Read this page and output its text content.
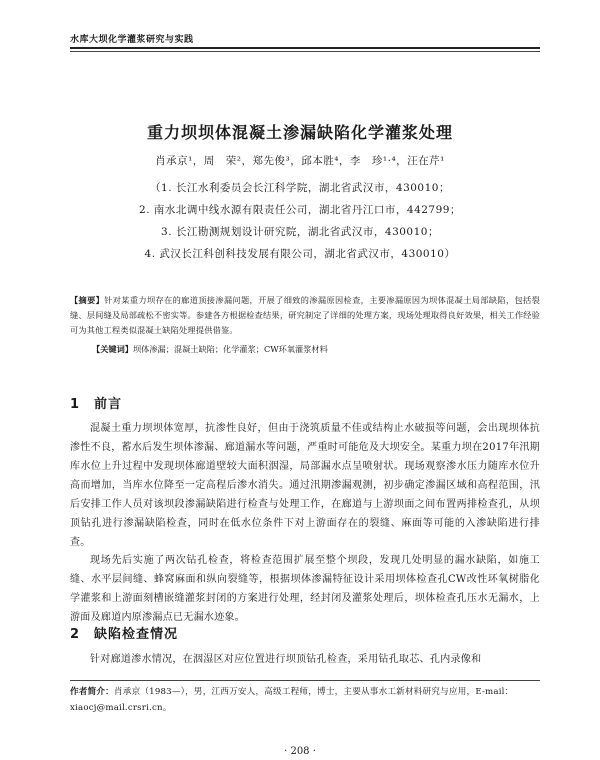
水库大坝化学灌浆研究与实践
重力坝坝体混凝土渗漏缺陷化学灌浆处理
肖承京¹，周　荣²，郑先俊³，邱本胜⁴，李　珍¹·⁴，汪在芹¹
（1. 长江水利委员会长江科学院，湖北省武汉市，430010；
2. 南水北调中线水源有限责任公司，湖北省丹江口市，442799；
3. 长江勘测规划设计研究院，湖北省武汉市，430010；
4. 武汉长江科创科技发展有限公司，湖北省武汉市，430010）
【摘要】针对某重力坝存在的廊道顶接渗漏问题，开展了细致的渗漏原因检查，主要渗漏原因为坝体混凝土局部缺陷，包括裂缝、层间缝及局部疏松不密实等。参建各方根据检查结果，研究制定了详细的处理方案，现场处理取得良好效果，相关工作经验可为其他工程类似混凝土缺陷处理提供借鉴。
【关键词】坝体渗漏；混凝土缺陷；化学灌浆；CW环氧灌浆材料
1 前言
混凝土重力坝坝体宽厚，抗渗性良好，但由于浇筑质量不佳或结构止水破损等问题，会出现坝体抗渗性不良，蓄水后发生坝体渗漏、廊道漏水等问题，严重时可能危及大坝安全。某重力坝在2017年汛期库水位上升过程中发现坝体廊道壁较大面积洇湿，局部漏水点呈喷射状。现场观察渗水压力随库水位升高而增加，当库水位降至一定高程后渗水消失。通过汛期渗漏观测，初步确定渗漏区域和高程范围，汛后安排工作人员对该坝段渗漏缺陷进行检查与处理工作，在廊道与上游坝面之间布置两排检查孔，从坝顶钻孔进行渗漏缺陷检查，同时在低水位条件下对上游面存在的裂缝、麻面等可能的入渗缺陷进行排查。
现场先后实施了两次钻孔检查，将检查范围扩展至整个坝段，发现几处明显的漏水缺陷，如施工缝、水平层间缝、蜂窝麻面和纵向裂缝等，根据坝体渗漏特征设计采用坝体检查孔CW改性环氧树脂化学灌浆和上游面刻槽嵌缝灌浆封闭的方案进行处理，经封闭及灌浆处理后，坝体检查孔压水无漏水，上游面及廊道内原渗漏点已无漏水迹象。
2 缺陷检查情况
针对廊道渗水情况，在洇湿区对应位置进行坝顶钻孔检查，采用钻孔取芯、孔内录像和
作者简介：肖承京（1983—），男，江西万安人，高级工程师，博士，主要从事水工新材料研究与应用，E-mail：xiaocj@mail.crsri.cn。
· 208 ·
